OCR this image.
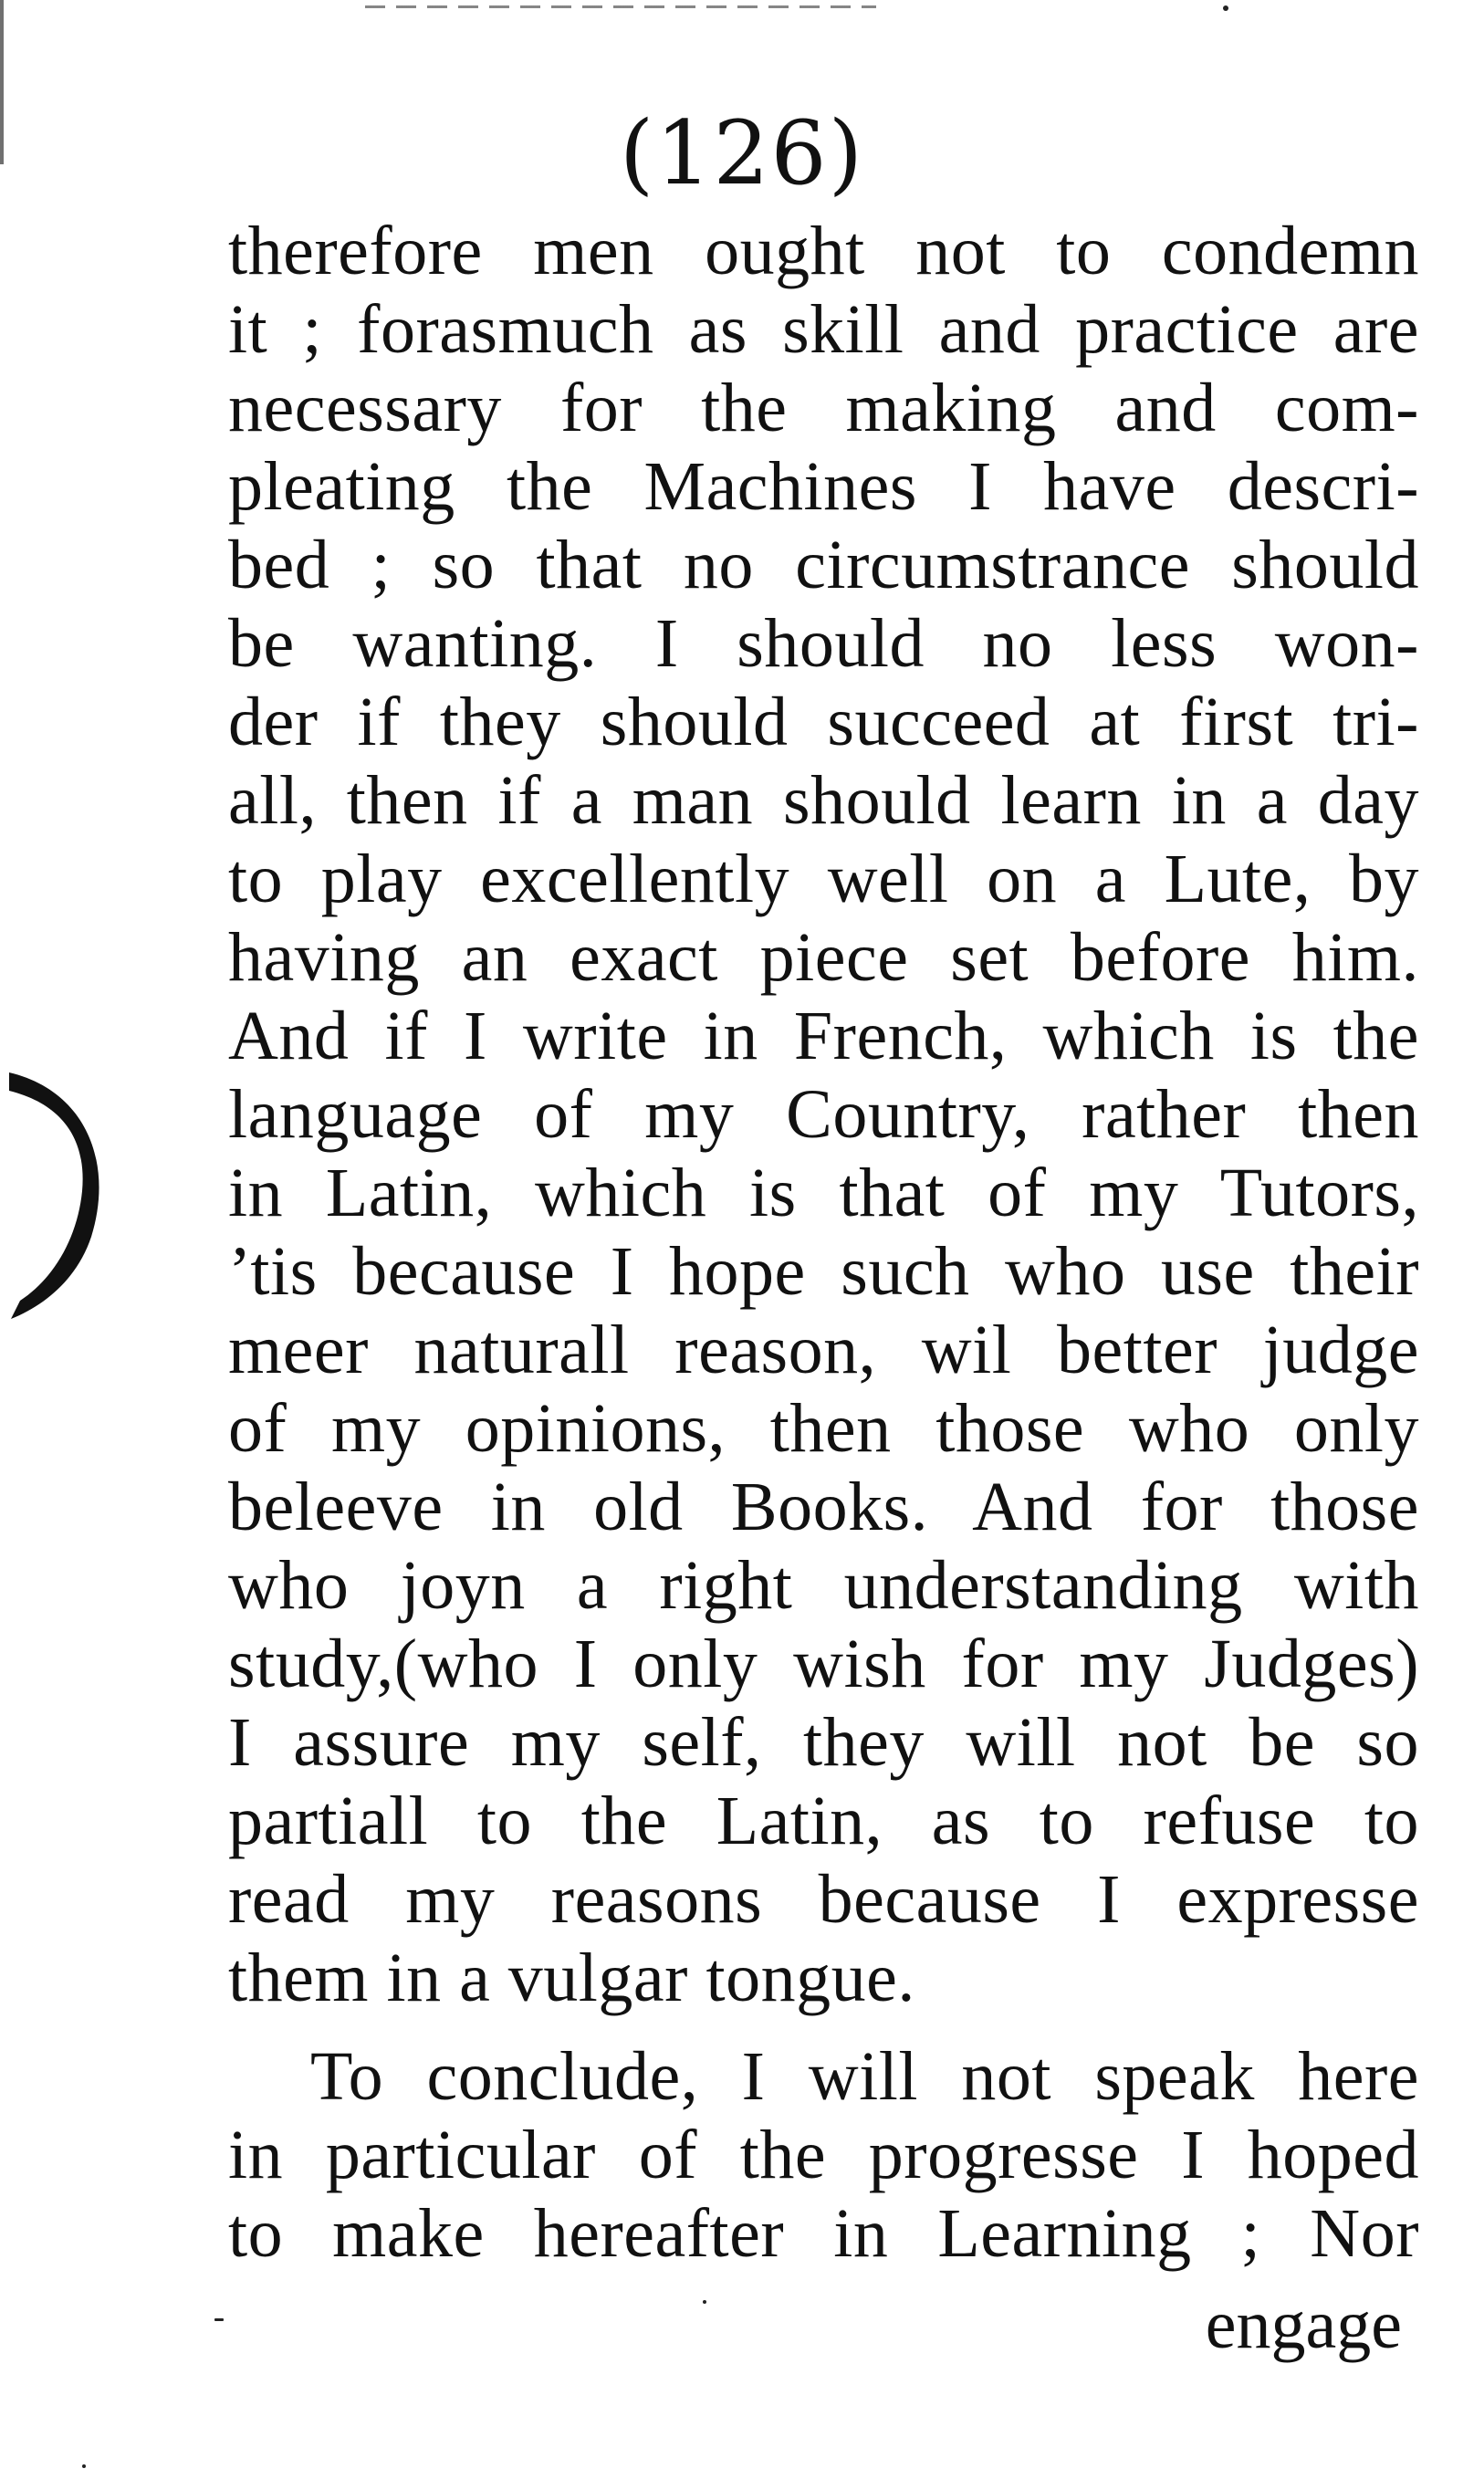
(126)
therefore men ought not to condemn
it ; forasmuch as skill and practice are
necessary for the making and com-
pleating the Machines I have descri-
bed ; so that no circumstrance should
be wanting. I should no less won-
der if they should succeed at first tri-
all, then if a man should learn in a day
to play excellently well on a Lute, by
having an exact piece set before him.
And if I write in French, which is the
language of my Country, rather then
in Latin, which is that of my Tutors,
’tis because I hope such who use their
meer naturall reason, wil better judge
of my opinions, then those who only
beleeve in old Books. And for those
who joyn a right understanding with
study,(who I only wish for my Judges)
I assure my self, they will not be so
partiall to the Latin, as to refuse to
read my reasons because I expresse
them in a vulgar tongue.
To conclude, I will not speak here
in particular of the progresse I hoped
to make hereafter in Learning ; Nor
engage
